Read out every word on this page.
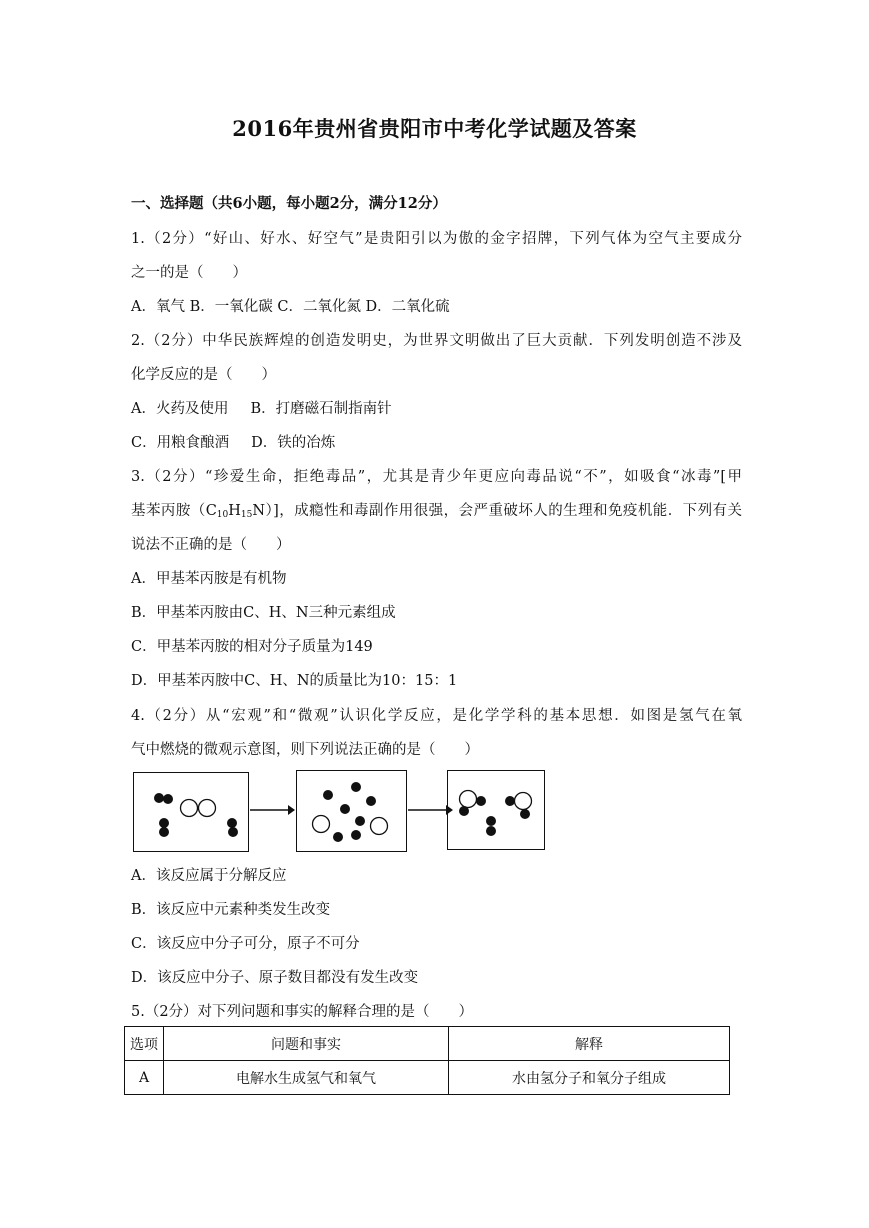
2016年贵州省贵阳市中考化学试题及答案
一、选择题（共6小题，每小题2分，满分12分）
1.（2分）“好山、好水、好空气”是贵阳引以为傲的金字招牌，下列气体为空气主要成分
之一的是（　　）
A．氧气 B．一氧化碳 C．二氧化氮 D．二氧化硫
2.（2分）中华民族辉煌的创造发明史，为世界文明做出了巨大贡献．下列发明创造不涉及
化学反应的是（　　）
A．火药及使用 B．打磨磁石制指南针
C．用粮食酿酒 D．铁的冶炼
3.（2分）“珍爱生命，拒绝毒品”，尤其是青少年更应向毒品说“不”，如吸食“冰毒”[甲
基苯丙胺$(C_{10}H_{15}N)$]，成瘾性和毒副作用很强，会严重破坏人的生理和免疫机能．下列有关
说法不正确的是（　　）
A．甲基苯丙胺是有机物
B．甲基苯丙胺由C、H、N三种元素组成
C．甲基苯丙胺的相对分子质量为149
D．甲基苯丙胺中C、H、N的质量比为10：15：1
4.（2分）从“宏观”和“微观”认识化学反应，是化学学科的基本思想．如图是氢气在氧
气中燃烧的微观示意图，则下列说法正确的是（　　）
A．该反应属于分解反应
B．该反应中元素种类发生改变
C．该反应中分子可分，原子不可分
D．该反应中分子、原子数目都没有发生改变
5.（2分）对下列问题和事实的解释合理的是（　　）
选项	问题和事实	解释
A	电解水生成氢气和氧气	水由氢分子和氧分子组成
